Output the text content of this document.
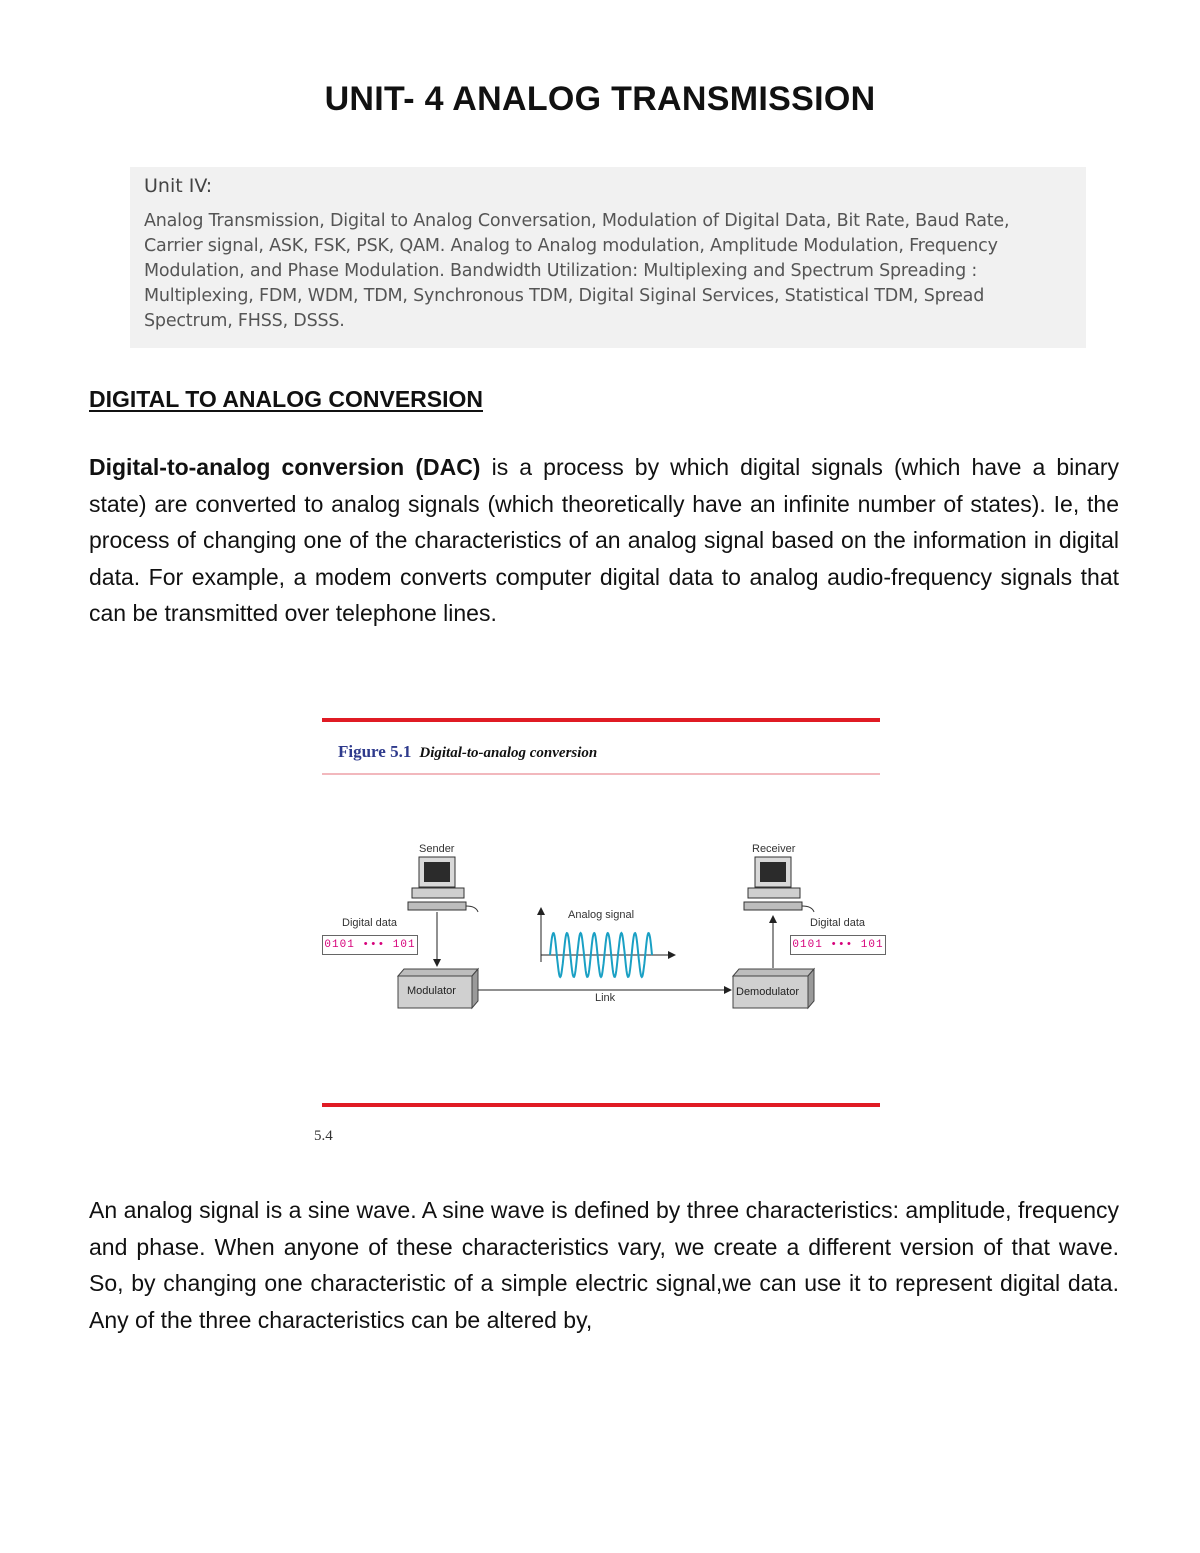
UNIT- 4 ANALOG TRANSMISSION

Unit IV:

Analog Transmission, Digital to Analog Conversation, Modulation of Digital Data, Bit Rate, Baud Rate, Carrier signal, ASK, FSK, PSK, QAM. Analog to Analog modulation, Amplitude Modulation, Frequency Modulation, and Phase Modulation. Bandwidth Utilization: Multiplexing and Spectrum Spreading : Multiplexing, FDM, WDM, TDM, Synchronous TDM, Digital Siginal Services, Statistical TDM, Spread Spectrum, FHSS, DSSS.

DIGITAL TO ANALOG CONVERSION

Digital-to-analog conversion (DAC) is a process by which digital signals (which have a binary state) are converted to analog signals (which theoretically have an infinite number of states). Ie, the process of changing one of the characteristics of an analog signal based on the information in digital data. For example, a modem converts computer digital data to analog audio-frequency signals that can be transmitted over telephone lines.

Figure 5.1 Digital-to-analog conversion
Sender	Receiver
Digital data	Digital data
0101 ••• 101	0101 ••• 101
Analog signal
Modulator	Demodulator
Link
5.4

An analog signal is a sine wave. A sine wave is defined by three characteristics: amplitude, frequency and phase. When anyone of these characteristics vary, we create a different version of that wave. So, by changing one characteristic of a simple electric signal,we can use it to represent digital data. Any of the three characteristics can be altered by,
